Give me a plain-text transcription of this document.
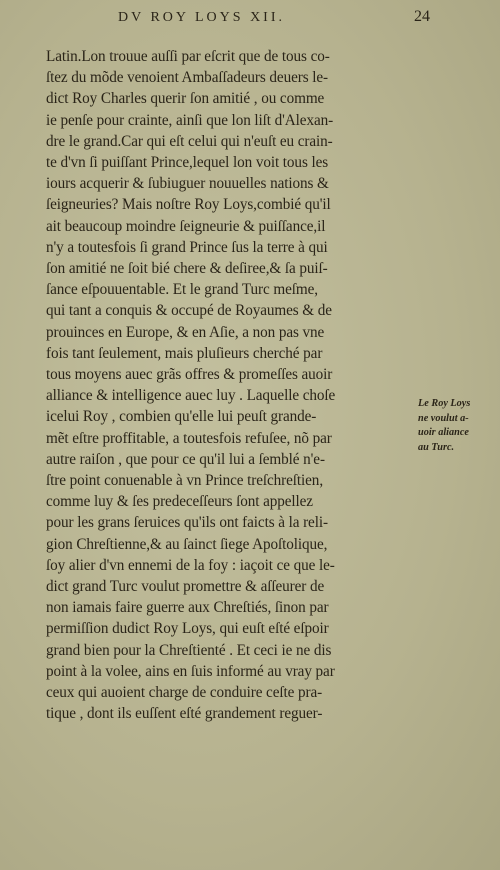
DV ROY LOYS XII.	24
Latin.Lon trouue auſſi par eſcrit que de tous co-
ſtez du mõde venoient Ambaſſadeurs deuers le-
dict Roy Charles querir ſon amitié , ou comme
ie penſe pour crainte, ainſi que lon liſt d'Alexan-
dre le grand.Car qui eſt celui qui n'euſt eu crain-
te d'vn ſi puiſſant Prince,lequel lon voit tous les
iours acquerir & ſubiuguer nouuelles nations &
ſeigneuries? Mais noſtre Roy Loys,combié qu'il
ait beaucoup moindre ſeigneurie & puiſſance,il
n'y a toutesfois ſi grand Prince ſus la terre à qui
ſon amitié ne ſoit bié chere & deſiree,& ſa puiſ-
ſance eſpouuentable. Et le grand Turc meſme,
qui tant a conquis & occupé de Royaumes & de
prouinces en Europe, & en Aſie, a non pas vne
fois tant ſeulement, mais pluſieurs cherché par
tous moyens auec grãs offres & promeſſes auoir
alliance & intelligence auec luy . Laquelle choſe
icelui Roy , combien qu'elle lui peuſt grande-
mẽt eſtre proffitable, a toutesfois refuſee, nõ par
autre raiſon , que pour ce qu'il lui a ſemblé n'e-
ſtre point conuenable à vn Prince treſchreſtien,
comme luy & ſes predeceſſeurs ſont appellez
pour les grans ſeruices qu'ils ont faicts à la reli-
gion Chreſtienne,& au ſainct ſiege Apoſtolique,
ſoy alier d'vn ennemi de la foy : iaçoit ce que le-
dict grand Turc voulut promettre & aſſeurer de
non iamais faire guerre aux Chreſtiés, ſinon par
permiſſion dudict Roy Loys, qui euſt eſté eſpoir
grand bien pour la Chreſtienté . Et ceci ie ne dis
point à la volee, ains en ſuis informé au vray par
ceux qui auoient charge de conduire ceſte pra-
tique , dont ils euſſent eſté grandement reguer-
Le Roy Loys
ne voulut a-
uoir aliance
au Turc.
